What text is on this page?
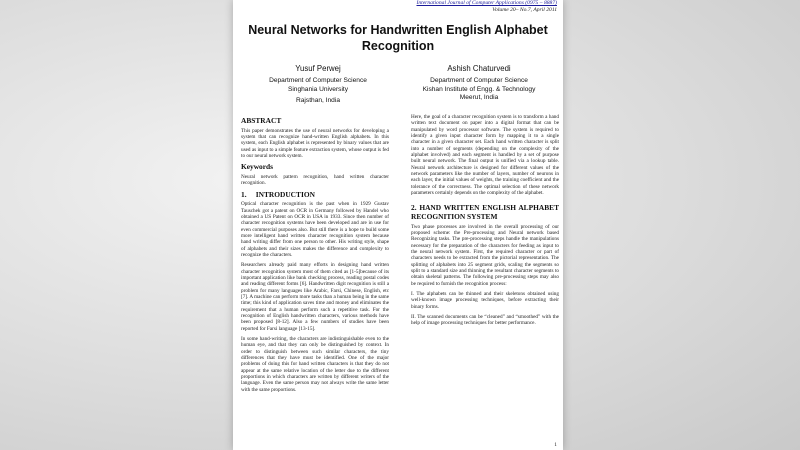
International Journal of Computer Applications (0975 – 8887)
Volume 20– No.7, April 2011
Neural Networks for Handwritten English Alphabet Recognition
Yusuf Perwej
Department of Computer Science
Singhania University
Rajsthan, India
Ashish Chaturvedi
Department of Computer Science
Kishan Institute of Engg. & Technology
Meerut, India
ABSTRACT

This paper demonstrates the use of neural networks for developing a system that can recognize hand-written English alphabets. In this system, each English alphabet is represented by binary values that are used as input to a simple feature extraction system, whose output is fed to our neural network system.

Keywords

Neural network pattern recognition, hand written character recognition.

1.     INTRODUCTION

Optical character recognition is the past when in 1929 Gustav Tauschek got a patent on OCR in Germany followed by Handel who obtained a US Patent on OCR in USA in 1933. Since then number of character recognition systems have been developed and are in use for even commercial purposes also. But still there is a hope to build some more intelligent hand written character recognition system because hand writing differ from one person to other. His writing style, shape of alphabets and their sizes makes the difference and complexity to recognize the characters.

Researchers already paid many efforts in designing hand written character recognition system most of them cited as [1-5]because of its important application like bank checking process, reading postal codes and reading different forms [6]. Handwritten digit recognition is still a problem for many languages like Arabic, Farsi, Chinese, English, etc [7]. A machine can perform more tasks than a human being in the same time; this kind of application saves time and money and eliminates the requirement that a human perform such a repetitive task. For the recognition of English handwritten characters, various methods have been proposed [8-12]. Also a few numbers of studies have been reported for Farsi language [13-15].

In some hand-writing, the characters are indistinguishable even to the human eye, and that they can only be distinguished by context. In order to distinguish between such similar characters, the tiny differences that they have must be identified. One of the major problems of doing this for hand written characters is that they do not appear at the same relative location of the letter due to the different proportions in which characters are written by different writers of the language. Even the same person may not always write the same letter with the same proportions.

Here, the goal of a character recognition system is to transform a hand written text document on paper into a digital format that can be manipulated by word processor software. The system is required to identify a given input character form by mapping it to a single character in a given character set. Each hand written character is split into a number of segments (depending on the complexity of the alphabet involved) and each segment is handled by a set of purpose built neural network. The final output is unified via a lookup table. Neural network architecture is designed for different values of the network parameters like the number of layers, number of neurons in each layer, the initial values of weights, the training coefficient and the tolerance of the correctness. The optimal selection of these network parameters certainly depends on the complexity of the alphabet.

2. HAND WRITTEN ENGLISH ALPHABET RECOGNITION SYSTEM

Two phase processes are involved in the overall processing of our proposed scheme: the Pre-processing and Neural network based Recognizing tasks. The pre-processing steps handle the manipulations necessary for the preparation of the characters for feeding as input to the neural network system. First, the required character or part of characters needs to be extracted from the pictorial representation. The splitting of alphabets into 25 segment grids, scaling the segments so split to a standard size and thinning the resultant character segments to obtain skeletal patterns. The following pre-processing steps may also be required to furnish the recognition process:

I. The alphabets can be thinned and their skeletons obtained using well-known image processing techniques, before extracting their binary forms.

II. The scanned documents can be “cleaned” and “smoothed” with the help of image processing techniques for better performance.

1
